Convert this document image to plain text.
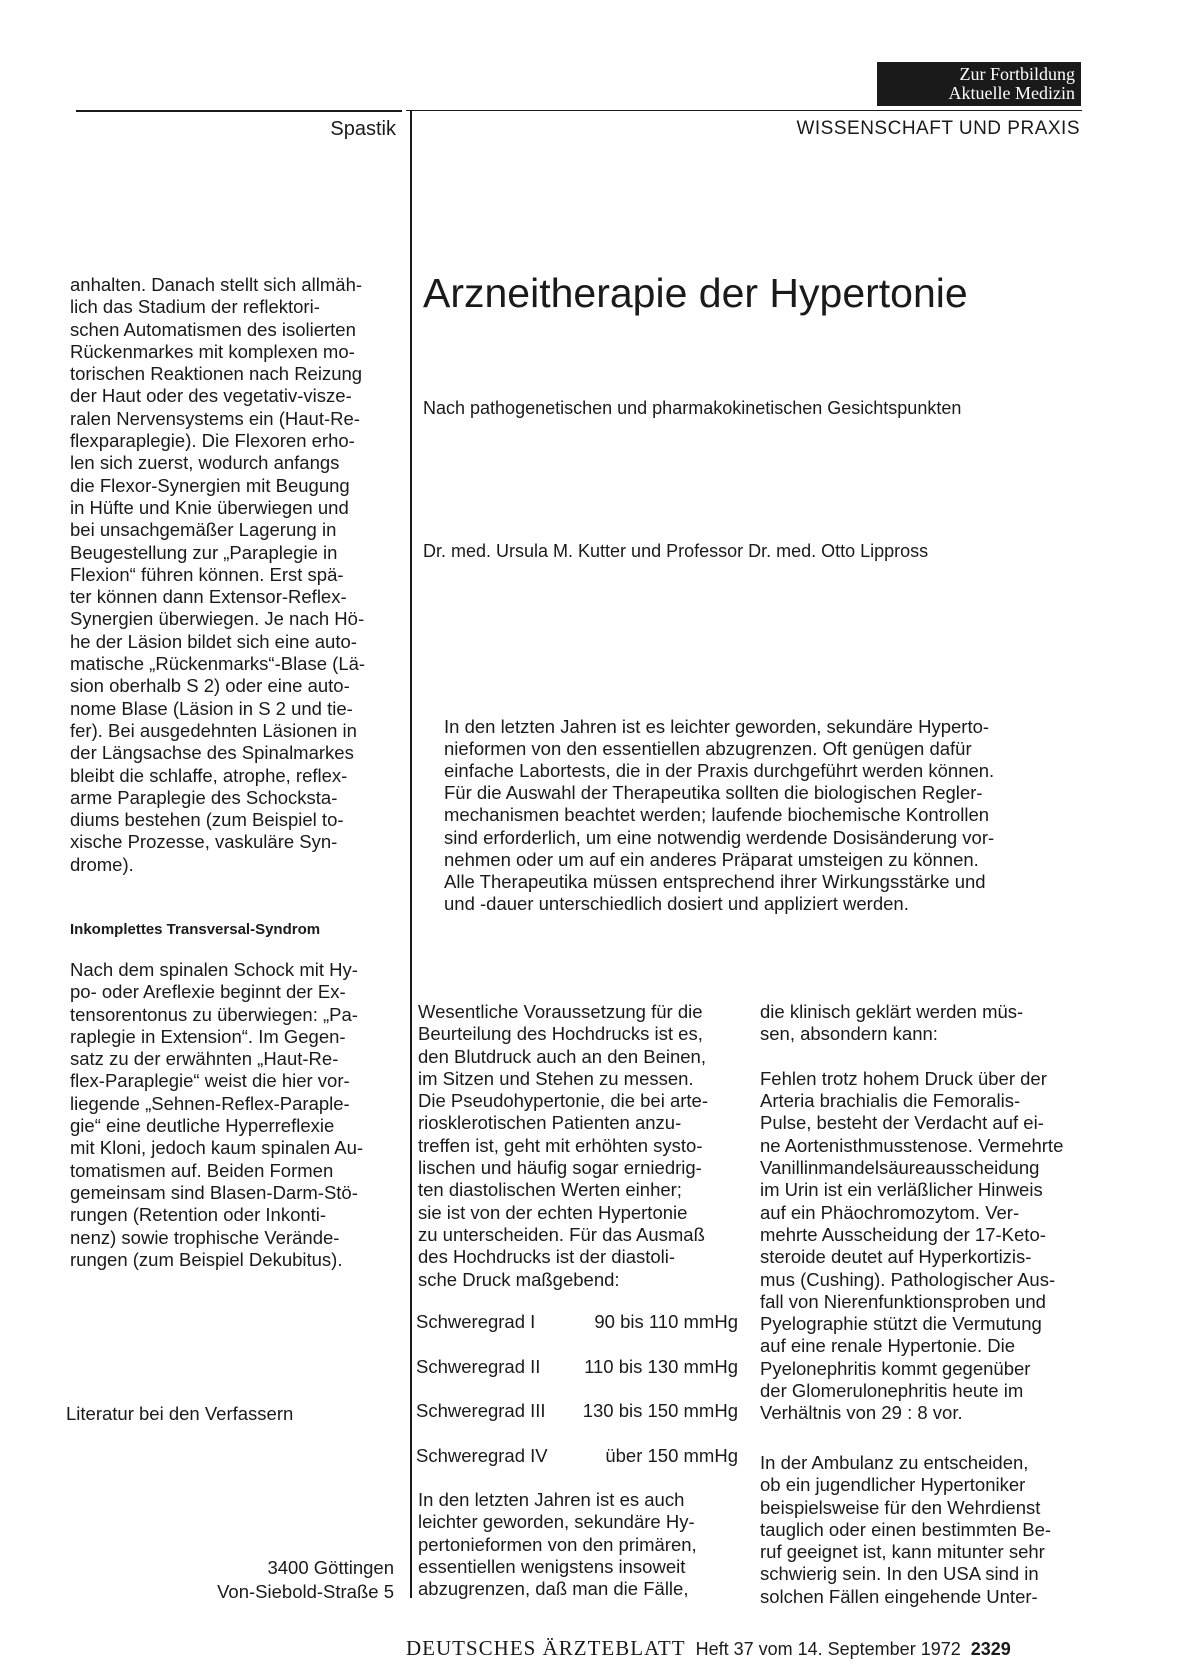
Zur Fortbildung
Aktuelle Medizin
Spastik	WISSENSCHAFT UND PRAXIS

anhalten. Danach stellt sich allmäh-
lich das Stadium der reflektori-
schen Automatismen des isolierten
Rückenmarkes mit komplexen mo-
torischen Reaktionen nach Reizung
der Haut oder des vegetativ-visze-
ralen Nervensystems ein (Haut-Re-
flexparaplegie). Die Flexoren erho-
len sich zuerst, wodurch anfangs
die Flexor-Synergien mit Beugung
in Hüfte und Knie überwiegen und
bei unsachgemäßer Lagerung in
Beugestellung zur „Paraplegie in
Flexion“ führen können. Erst spä-
ter können dann Extensor-Reflex-
Synergien überwiegen. Je nach Hö-
he der Läsion bildet sich eine auto-
matische „Rückenmarks“-Blase (Lä-
sion oberhalb S 2) oder eine auto-
nome Blase (Läsion in S 2 und tie-
fer). Bei ausgedehnten Läsionen in
der Längsachse des Spinalmarkes
bleibt die schlaffe, atrophe, reflex-
arme Paraplegie des Schocksta-
diums bestehen (zum Beispiel to-
xische Prozesse, vaskuläre Syn-
drome).

Inkomplettes Transversal-Syndrom

Nach dem spinalen Schock mit Hy-
po- oder Areflexie beginnt der Ex-
tensorentonus zu überwiegen: „Pa-
raplegie in Extension“. Im Gegen-
satz zu der erwähnten „Haut-Re-
flex-Paraplegie“ weist die hier vor-
liegende „Sehnen-Reflex-Paraple-
gie“ eine deutliche Hyperreflexie
mit Kloni, jedoch kaum spinalen Au-
tomatismen auf. Beiden Formen
gemeinsam sind Blasen-Darm-Stö-
rungen (Retention oder Inkonti-
nenz) sowie trophische Verände-
rungen (zum Beispiel Dekubitus).

Literatur bei den Verfassern
3400 Göttingen
Von-Siebold-Straße 5
Arzneitherapie der Hypertonie
Nach pathogenetischen und pharmakokinetischen Gesichtspunkten
Dr. med. Ursula M. Kutter und Professor Dr. med. Otto Lippross

In den letzten Jahren ist es leichter geworden, sekundäre Hyperto-
nieformen von den essentiellen abzugrenzen. Oft genügen dafür
einfache Labortests, die in der Praxis durchgeführt werden können.
Für die Auswahl der Therapeutika sollten die biologischen Regler-
mechanismen beachtet werden; laufende biochemische Kontrollen
sind erforderlich, um eine notwendig werdende Dosisänderung vor-
nehmen oder um auf ein anderes Präparat umsteigen zu können.
Alle Therapeutika müssen entsprechend ihrer Wirkungsstärke und
und -dauer unterschiedlich dosiert und appliziert werden.

Wesentliche Voraussetzung für die
Beurteilung des Hochdrucks ist es,
den Blutdruck auch an den Beinen,
im Sitzen und Stehen zu messen.
Die Pseudohypertonie, die bei arte-
riosklerotischen Patienten anzu-
treffen ist, geht mit erhöhten systo-
lischen und häufig sogar erniedrig-
ten diastolischen Werten einher;
sie ist von der echten Hypertonie
zu unterscheiden. Für das Ausmaß
des Hochdrucks ist der diastoli-
sche Druck maßgebend:

Schweregrad I	90 bis 110 mmHg
Schweregrad II	110 bis 130 mmHg
Schweregrad III	130 bis 150 mmHg
Schweregrad IV	über 150 mmHg

In den letzten Jahren ist es auch
leichter geworden, sekundäre Hy-
pertonieformen von den primären,
essentiellen wenigstens insoweit
abzugrenzen, daß man die Fälle,

die klinisch geklärt werden müs-
sen, absondern kann:

Fehlen trotz hohem Druck über der
Arteria brachialis die Femoralis-
Pulse, besteht der Verdacht auf ei-
ne Aortenisthmusstenose. Vermehrte
Vanillinmandelsäureausscheidung
im Urin ist ein verläßlicher Hinweis
auf ein Phäochromozytom. Ver-
mehrte Ausscheidung der 17-Keto-
steroide deutet auf Hyperkortizis-
mus (Cushing). Pathologischer Aus-
fall von Nierenfunktionsproben und
Pyelographie stützt die Vermutung
auf eine renale Hypertonie. Die
Pyelonephritis kommt gegenüber
der Glomerulonephritis heute im
Verhältnis von 29 : 8 vor.

In der Ambulanz zu entscheiden,
ob ein jugendlicher Hypertoniker
beispielsweise für den Wehrdienst
tauglich oder einen bestimmten Be-
ruf geeignet ist, kann mitunter sehr
schwierig sein. In den USA sind in
solchen Fällen eingehende Unter-

DEUTSCHES ÄRZTEBLATT Heft 37 vom 14. September 1972 2329
